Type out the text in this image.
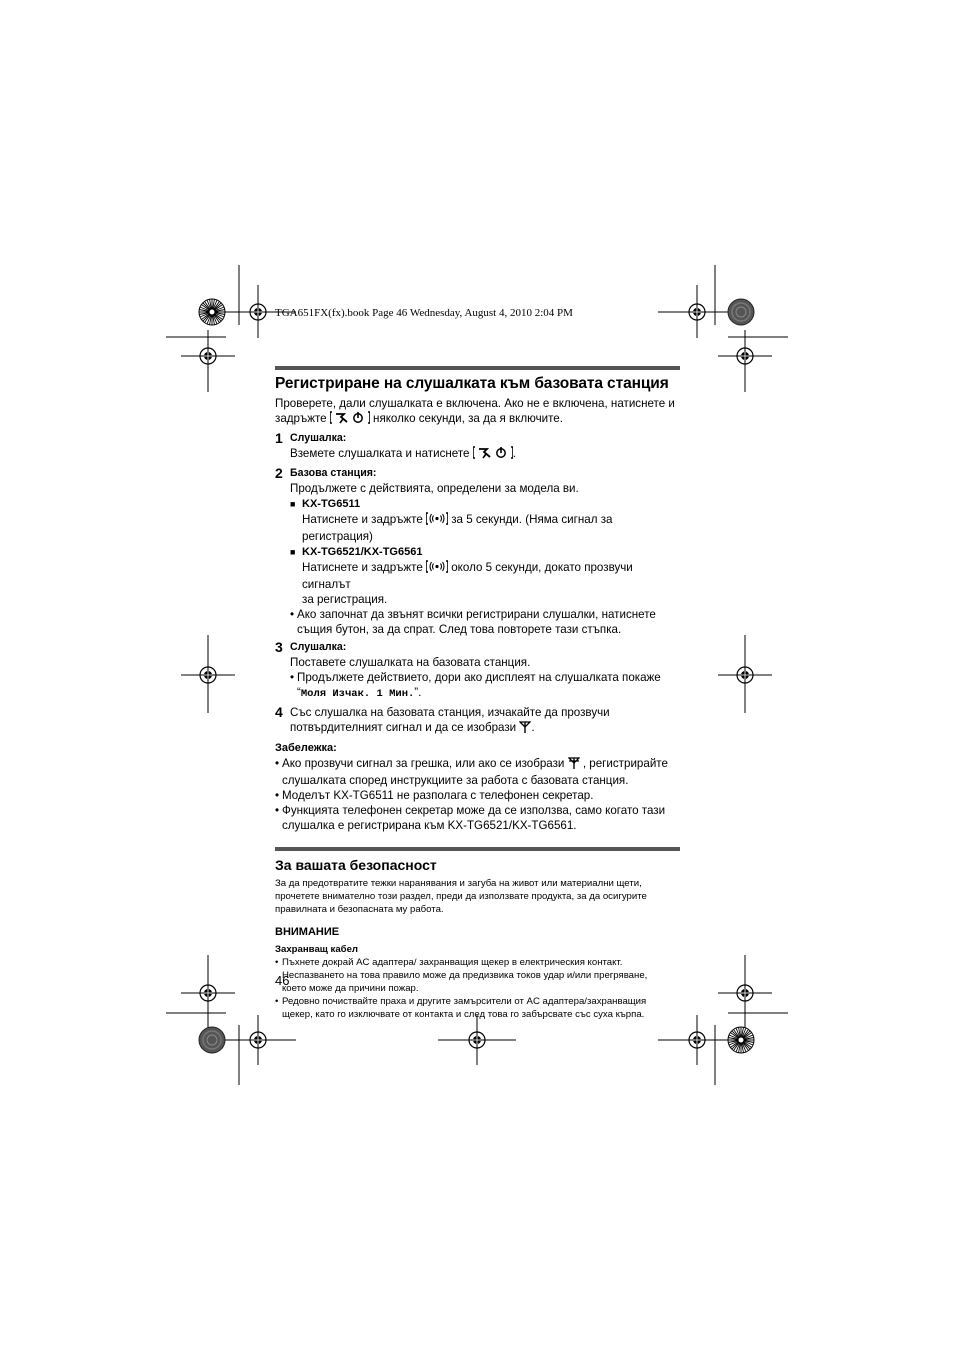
TGA651FX(fx).book Page 46 Wednesday, August 4, 2010 2:04 PM
Регистриране на слушалката към базовата станция

Проверете, дали слушалката е включена. Ако не е включена, натиснете и

задръжте	няколко секунди, за да я включите.

1 Слушалка:

Вземете слушалката и натиснете	.

2 Базова станция:

Продължете с действията, определени за модела ви.

■ KX-TG6511

Натиснете и задръжте  за 5 секунди. (Няма сигнал за регистрация)

■ KX-TG6521/KX-TG6561

Натиснете и задръжте  около 5 секунди, докато прозвучи сигналът

за регистрация.

• Ако започнат да звънят всички регистрирани слушалки, натиснете
същия бутон, за да спрат. След това повторете тази стъпка.
3 Слушалка:

Поставете слушалката на базовата станция.

• Продължете действието, дори ако дисплеят на слушалката покаже
“Моля Изчак. 1 Мин.”.
4 Със слушалка на базовата станция, изчакайте да прозвучи

потвърдителният сигнал и да се изобрази .

Забележка:
• Ако прозвучи сигнал за грешка, или ако се изобрази  , регистрирайте
слушалката според инструкциите за работа с базовата станция.
• Моделът KX-TG6511 не разполага с телефонен секретар.
• Функцията телефонен секретар може да се използва, само когато тази
слушалка е регистрирана към KX-TG6521/KX-TG6561.
За вашата безопасност

За да предотвратите тежки наранявания и загуба на живот или материални щети,
прочетете внимателно този раздел, преди да използвате продукта, за да осигурите
правилната и безопасната му работа.

ВНИМАНИЕ
Захранващ кабел
• Пъхнете докрай AC адаптера/ захранващия щекер в електрическия контакт.
Неспазването на това правило може да предизвика токов удар и/или прегряване,
което може да причини пожар.
• Редовно почиствайте праха и другите замърсители от AC адаптера/захранващия
щекер, като го изключвате от контакта и след това го забърсвате със суха кърпа.
46
